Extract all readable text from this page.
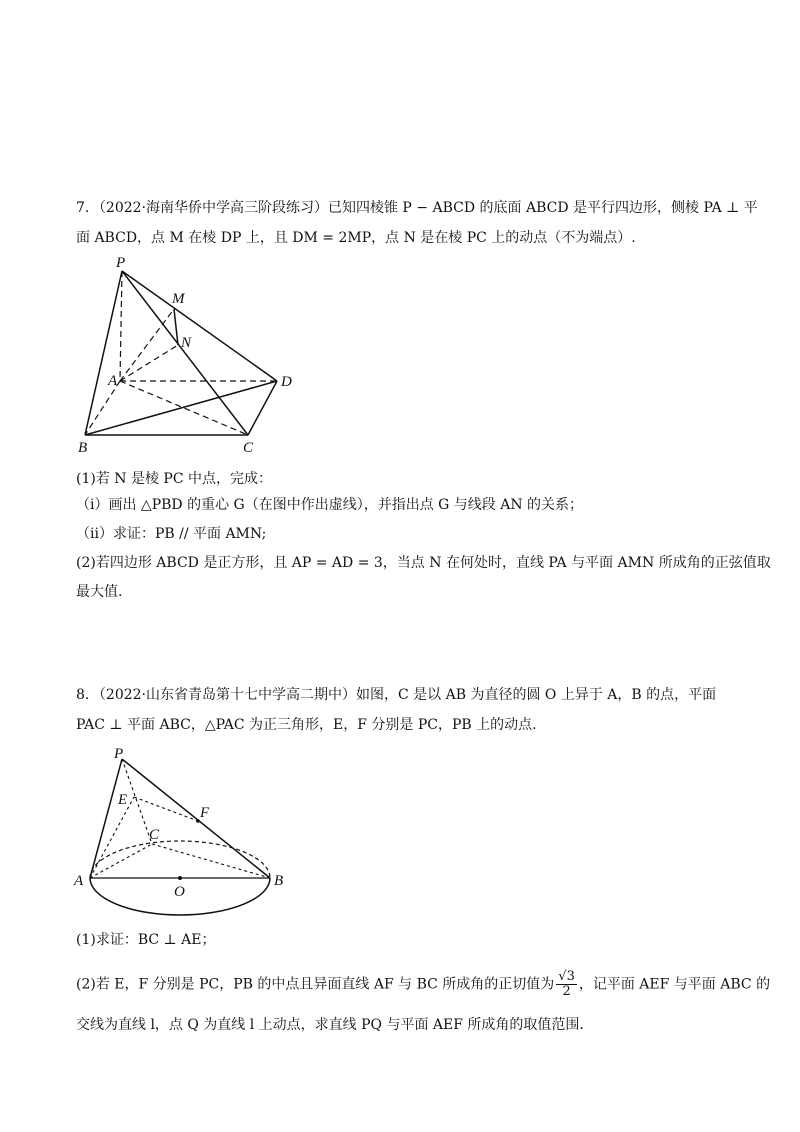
7．（2022·海南华侨中学高三阶段练习）已知四棱锥 P − ABCD 的底面 ABCD 是平行四边形，侧棱 PA ⊥ 平
面 ABCD，点 M 在棱 DP 上，且 DM = 2MP，点 N 是在棱 PC 上的动点（不为端点）.
P
M
N
A	D
B	C
(1)若 N 是棱 PC 中点，完成：
（i）画出 △PBD 的重心 G（在图中作出虚线），并指出点 G 与线段 AN 的关系；
（ii）求证：PB // 平面 AMN;
(2)若四边形 ABCD 是正方形，且 AP = AD = 3，当点 N 在何处时，直线 PA 与平面 AMN 所成角的正弦值取
最大值.
8．（2022·山东省青岛第十七中学高二期中）如图，C 是以 AB 为直径的圆 O 上异于 A，B 的点，平面
PAC ⊥ 平面 ABC，△PAC 为正三角形，E，F 分别是 PC，PB 上的动点.
P
E
F
C
A
O
B
(1)求证：BC ⊥ AE；
(2)若 E，F 分别是 PC，PB 的中点且异面直线 AF 与 BC 所成角的正切值为 $\frac{√3}{2}$ ，记平面 AEF 与平面 ABC 的
交线为直线 l，点 Q 为直线 l 上动点，求直线 PQ 与平面 AEF 所成角的取值范围.
